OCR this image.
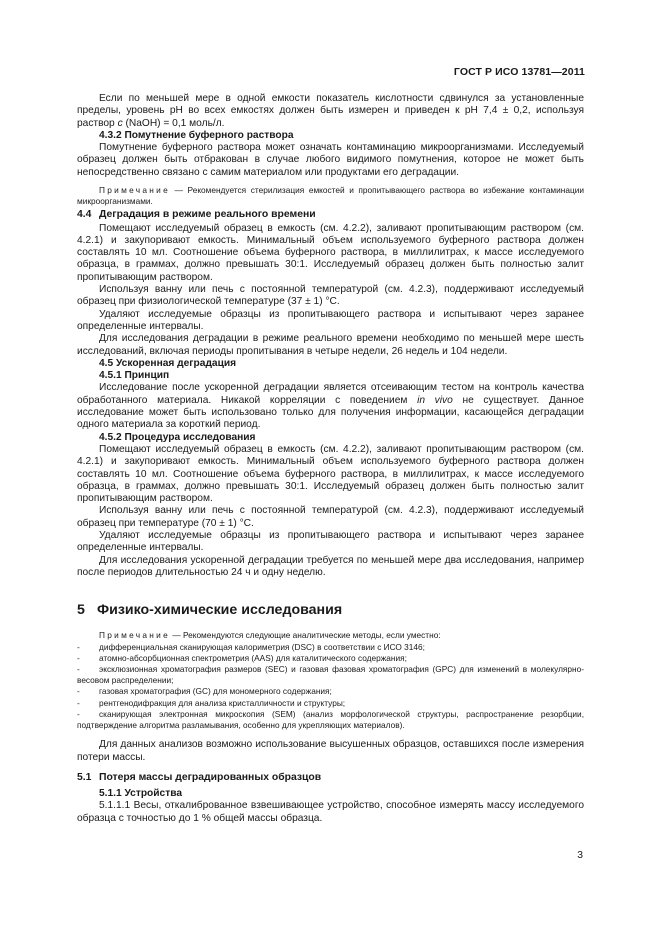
ГОСТ Р ИСО 13781—2011

Если по меньшей мере в одной емкости показатель кислотности сдвинулся за установленные пределы, уровень pH во всех емкостях должен быть измерен и приведен к pH 7,4 ± 0,2, используя раствор c (NaOH) = 0,1 моль/л.

4.3.2 Помутнение буферного раствора

Помутнение буферного раствора может означать контаминацию микроорганизмами. Исследуемый образец должен быть отбракован в случае любого видимого помутнения, которое не может быть непосредственно связано с самим материалом или продуктами его деградации.

Примечание — Рекомендуется стерилизация емкостей и пропитывающего раствора во избежание контаминации микроорганизмами.

4.4 Деградация в режиме реального времени

Помещают исследуемый образец в емкость (см. 4.2.2), заливают пропитывающим раствором (см. 4.2.1) и закупоривают емкость. Минимальный объем используемого буферного раствора должен составлять 10 мл. Соотношение объема буферного раствора, в миллилитрах, к массе исследуемого образца, в граммах, должно превышать 30:1. Исследуемый образец должен быть полностью залит пропитывающим раствором.

Используя ванну или печь с постоянной температурой (см. 4.2.3), поддерживают исследуемый образец при физиологической температуре (37 ± 1) °C.

Удаляют исследуемые образцы из пропитывающего раствора и испытывают через заранее определенные интервалы.

Для исследования деградации в режиме реального времени необходимо по меньшей мере шесть исследований, включая периоды пропитывания в четыре недели, 26 недель и 104 недели.

4.5 Ускоренная деградация
4.5.1 Принцип

Исследование после ускоренной деградации является отсеивающим тестом на контроль качества обработанного материала. Никакой корреляции с поведением in vivo не существует. Данное исследование может быть использовано только для получения информации, касающейся деградации одного материала за короткий период.

4.5.2 Процедура исследования

Помещают исследуемый образец в емкость (см. 4.2.2), заливают пропитывающим раствором (см. 4.2.1) и закупоривают емкость. Минимальный объем используемого буферного раствора должен составлять 10 мл. Соотношение объема буферного раствора, в миллилитрах, к массе исследуемого образца, в граммах, должно превышать 30:1. Исследуемый образец должен быть полностью залит пропитывающим раствором.

Используя ванну или печь с постоянной температурой (см. 4.2.3), поддерживают исследуемый образец при температуре (70 ± 1) °C.

Удаляют исследуемые образцы из пропитывающего раствора и испытывают через заранее определенные интервалы.

Для исследования ускоренной деградации требуется по меньшей мере два исследования, например после периодов длительностью 24 ч и одну неделю.

5 Физико-химические исследования

Примечание — Рекомендуются следующие аналитические методы, если уместно:

- дифференциальная сканирующая калориметрия (DSC) в соответствии с ИСО 3146;

- атомно-абсорбционная спектрометрия (AAS) для каталитического содержания;

- эксклюзионная хроматография размеров (SEC) и газовая фазовая хроматография (GPC) для изменений в молекулярно-весовом распределении;

- газовая хроматография (GC) для мономерного содержания;

- рентгенодифракция для анализа кристалличности и структуры;

- сканирующая электронная микроскопия (SEM) (анализ морфологической структуры, распространение резорбции, подтверждение алгоритма разламывания, особенно для укрепляющих материалов).

Для данных анализов возможно использование высушенных образцов, оставшихся после измерения потери массы.

5.1 Потеря массы деградированных образцов
5.1.1 Устройства

5.1.1.1 Весы, откалиброванное взвешивающее устройство, способное измерять массу исследуемого образца с точностью до 1 % общей массы образца.

3
